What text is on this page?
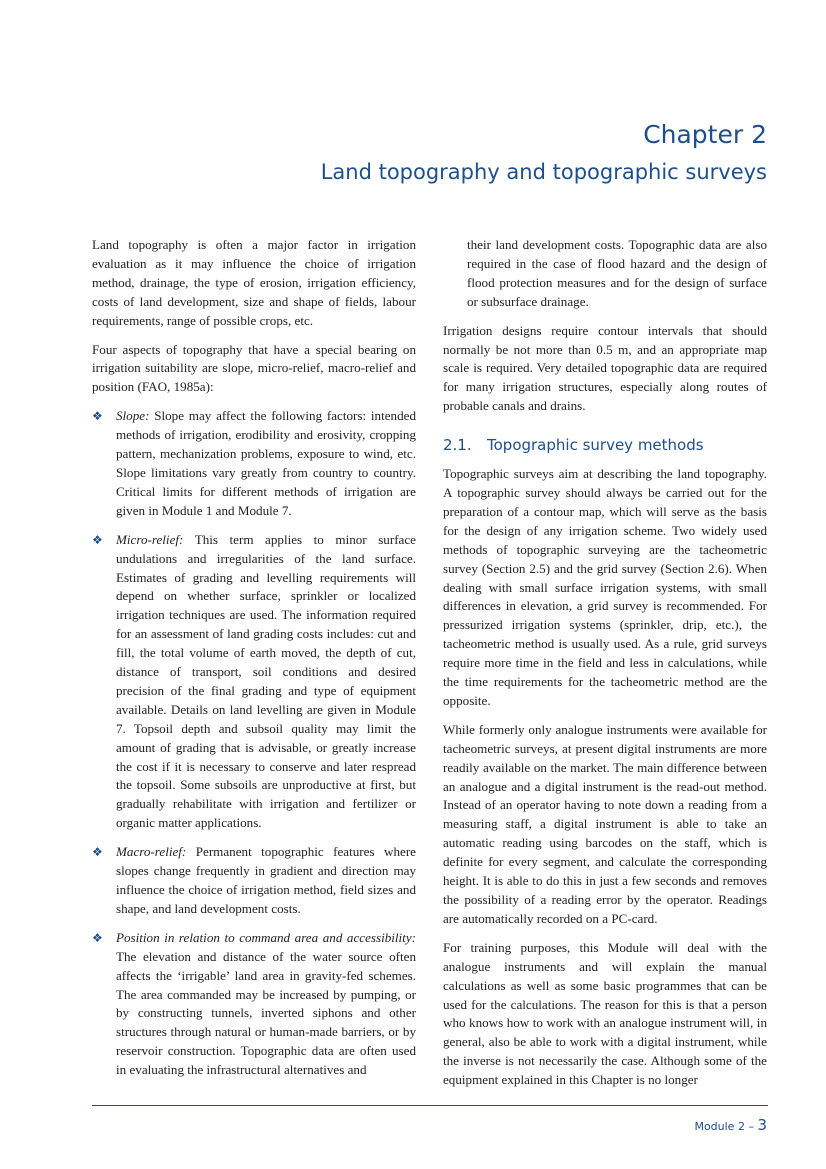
Chapter 2
Land topography and topographic surveys

Land topography is often a major factor in irrigation evaluation as it may influence the choice of irrigation method, drainage, the type of erosion, irrigation efficiency, costs of land development, size and shape of fields, labour requirements, range of possible crops, etc.

Four aspects of topography that have a special bearing on irrigation suitability are slope, micro-relief, macro-relief and position (FAO, 1985a):

❖ Slope: Slope may affect the following factors: intended methods of irrigation, erodibility and erosivity, cropping pattern, mechanization problems, exposure to wind, etc. Slope limitations vary greatly from country to country. Critical limits for different methods of irrigation are given in Module 1 and Module 7.
❖ Micro-relief: This term applies to minor surface undulations and irregularities of the land surface. Estimates of grading and levelling requirements will depend on whether surface, sprinkler or localized irrigation techniques are used. The information required for an assessment of land grading costs includes: cut and fill, the total volume of earth moved, the depth of cut, distance of transport, soil conditions and desired precision of the final grading and type of equipment available. Details on land levelling are given in Module 7. Topsoil depth and subsoil quality may limit the amount of grading that is advisable, or greatly increase the cost if it is necessary to conserve and later respread the topsoil. Some subsoils are unproductive at first, but gradually rehabilitate with irrigation and fertilizer or organic matter applications.
❖ Macro-relief: Permanent topographic features where slopes change frequently in gradient and direction may influence the choice of irrigation method, field sizes and shape, and land development costs.
❖ Position in relation to command area and accessibility: The elevation and distance of the water source often affects the ‘irrigable’ land area in gravity-fed schemes. The area commanded may be increased by pumping, or by constructing tunnels, inverted siphons and other structures through natural or human-made barriers, or by reservoir construction. Topographic data are often used in evaluating the infrastructural alternatives and

their land development costs. Topographic data are also required in the case of flood hazard and the design of flood protection measures and for the design of surface or subsurface drainage.

Irrigation designs require contour intervals that should normally be not more than 0.5 m, and an appropriate map scale is required. Very detailed topographic data are required for many irrigation structures, especially along routes of probable canals and drains.

2.1. Topographic survey methods

Topographic surveys aim at describing the land topography. A topographic survey should always be carried out for the preparation of a contour map, which will serve as the basis for the design of any irrigation scheme. Two widely used methods of topographic surveying are the tacheometric survey (Section 2.5) and the grid survey (Section 2.6). When dealing with small surface irrigation systems, with small differences in elevation, a grid survey is recommended. For pressurized irrigation systems (sprinkler, drip, etc.), the tacheometric method is usually used. As a rule, grid surveys require more time in the field and less in calculations, while the time requirements for the tacheometric method are the opposite.

While formerly only analogue instruments were available for tacheometric surveys, at present digital instruments are more readily available on the market. The main difference between an analogue and a digital instrument is the read-out method. Instead of an operator having to note down a reading from a measuring staff, a digital instrument is able to take an automatic reading using barcodes on the staff, which is definite for every segment, and calculate the corresponding height. It is able to do this in just a few seconds and removes the possibility of a reading error by the operator. Readings are automatically recorded on a PC-card.

For training purposes, this Module will deal with the analogue instruments and will explain the manual calculations as well as some basic programmes that can be used for the calculations. The reason for this is that a person who knows how to work with an analogue instrument will, in general, also be able to work with a digital instrument, while the inverse is not necessarily the case. Although some of the equipment explained in this Chapter is no longer

Module 2 – 3
